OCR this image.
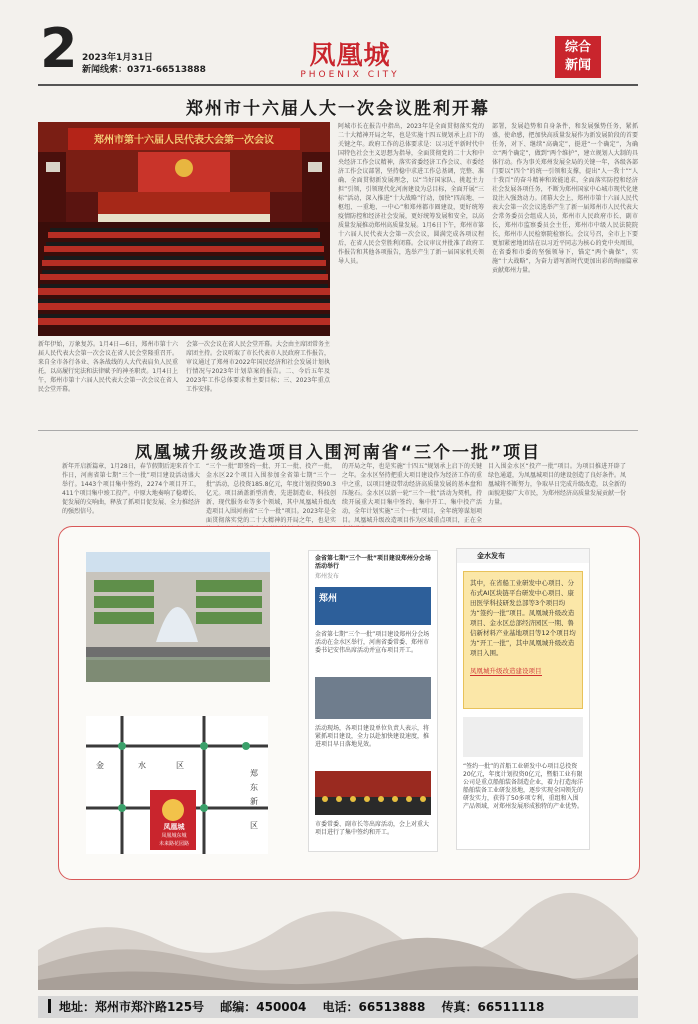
2 2023年1月31日
新闻线索：0371-66513888	凤凰城
PHOENIX CITY
综合
新闻
郑州市十六届人大一次会议胜利开幕
郑州市第十六届人民代表大会第一次会议
新年伊始，万象复苏。1月4日—6日，郑州市第十六届人民代表大会第一次会议在省人民会堂隆重召开。来自全市各行各业、各条战线的人大代表肩负人民重托，以高履行宪法和法律赋予的神圣职责。1月4日上午，郑州市第十六届人民代表大会第一次会议在省人民会堂开幕。
会第一次会议在省人民会堂开幕。大会由主席团常务主席团主持。会议听取了市长代表市人民政府工作报告，审议通过了郑州市2022年国民经济和社会发展计划执行情况与2023年计划草案的报告。二、今后五年及2023年工作总体要求和主要目标；三、2023年重点工作安排。
阿城市长在报告中指出，2023年是全面贯彻落实党的二十大精神开局之年，也是实施十四五规划承上启下的关键之年。政府工作的总体要求是：以习近平新时代中国特色社会主义思想为指导，全面贯彻党的二十大和中央经济工作会议精神，落实省委经济工作会议、市委经济工作会议部署，坚持稳中求进工作总基调，完整、准确、全面贯彻新发展理念，以“当好国家队、挑起主力担”引领，引领现代化河南建设为总目标，全面开展“三标”活动，深入推进“十大战略”行动，加快“四高地、一枢纽、一重地、一中心”和郑州都市圈建设，更好统筹疫情防控和经济社会发展，更好统筹发展和安全，以高质量发展推动郑州高质量发展。1月6日下午，郑州市第十六届人民代表大会第一次会议，圆满完成各项议程后，在省人民会堂胜利闭幕。会议审议并批准了政府工作报告和其他各项报告，选举产生了新一届国家机关领导人员。
部署，发展趋势和自身条件，和发展强势任务，紧抓盛，使命感，把加快高质量发展作为新发展阶段的首要任务，对下、继续“高确定”，挺进“一个确定”，为确立“两个确定”，做到“两个维护”，建立规划人大制的具体行动。作为事关郑州发展全局的关键一年，各级各部门要以“四个”的统一引领和支撑，提出“人一我十”“人十我百”的奋斗精神和效能追求，全面落实防控和经济社会发展各项任务，不断为郑州国家中心城市现代化建设注入强劲动力。闭幕大会上，郑州市第十六届人民代表大会第一次会议选举产生了新一届郑州市人民代表大会常务委员会组成人员，郑州市人民政府市长、副市长，郑州市监察委员会主任，郑州市中级人民法院院长，郑州市人民检察院检察长。会议号召，全市上下要更加紧密地团结在以习近平同志为核心的党中央周围，在省委和市委的坚强领导下，锚定“两个确保”，实施“十大战略”，为奋力谱写新时代更加出彩的绚丽篇章贡献郑州力量。
凤凰城升级改造项目入围河南省“三个一批”项目
新年开启新篇章，1月28日，春节假期后迎来首个工作日，河南省第七期“三个一批”项目建设活动盛大举行。1443个项目集中签约，2274个项目开工，411个项目集中竣工投产。中原大地奏响了稳增长、促发展的交响曲，释放了抓项目促发展、全力推经济的强烈信号。
“三个一批”即签约一批、开工一批、投产一批，金水区22个项目入围参加全省第七期“三个一批”活动，总投资185.8亿元，年度计划投资90.3亿元。项目涵盖新型消费、先进制造业、科技创新、现代服务业等多个领域，其中凤凰城升级改造项目入围河南省“三个一批”项目。2023年是全面贯彻落实党的二十大精神的开局之年，也是实
的开局之年，也是实施“十四五”规划承上启下的关键之年。金水区坚持把重大项目建设作为经济工作的重中之重，以项目建设带动经济高质量发展的基本盘和压舱石。金水区以新一轮“三个一批”活动为契机，持续开展重大项目集中签约、集中开工、集中投产活动，全年计划实施“三个一批”项目，全年统筹谋划项目。凤凰城升级改造项目作为区域重点项目，正在全
目入围金水区“投产一批”项目。为项目推进开辟了绿色通道，为凤凰城项目的建设创造了良好条件。凤凰城将不断努力，争取早日完成升级改造，以全新的面貌迎接广大市民，为郑州经济高质量发展贡献一份力量。
凤凰城
凤凰城东城
未来路花园路
金	水	区
郑
东
新
区
金省第七期“三个一批”项目建设郑州分会场活动举行
郑州发布
郑州
金省第七期“三个一批”项目建设郑州分会场活动在金水区举行，河南省委常委、郑州市委书记安伟出席活动并宣布项目开工。
活动现场，各项目建设单位负责人表示，将紧抓项目建设，全力以赴加快建设速度，推进项目早日落地见效。
市委常委、副市长等出席活动，会上对重大项目进行了集中签约和开工。
金水发布
其中，在省船工业研发中心项目、分布式AI区块链平台研发中心项目、康田医学科技研发总部等3个项目均为“签约一批”项目。凤凰城升级改造项目、金水区总部经济园区一期、鲁信新材料产业基地项目等12个项目均为“开工一批”，其中凤凰城升级改造项目入围。
凤凰城升级改造建设项目
“签约一批”的首船工业研发中心项目总投资20亿元，年度计划投资0亿元，暨船工业有限公司是重点船舶装备制造企业，着力打造海洋船舶装备工业研发基地，逐步实现全国领先的研发实力，获得了50多项专利，重组和入围产品领域，对郑州发展形成独特的产业优势。
地址：郑州市郑汴路125号 邮编：450004 电话：66513888 传真：66511118
